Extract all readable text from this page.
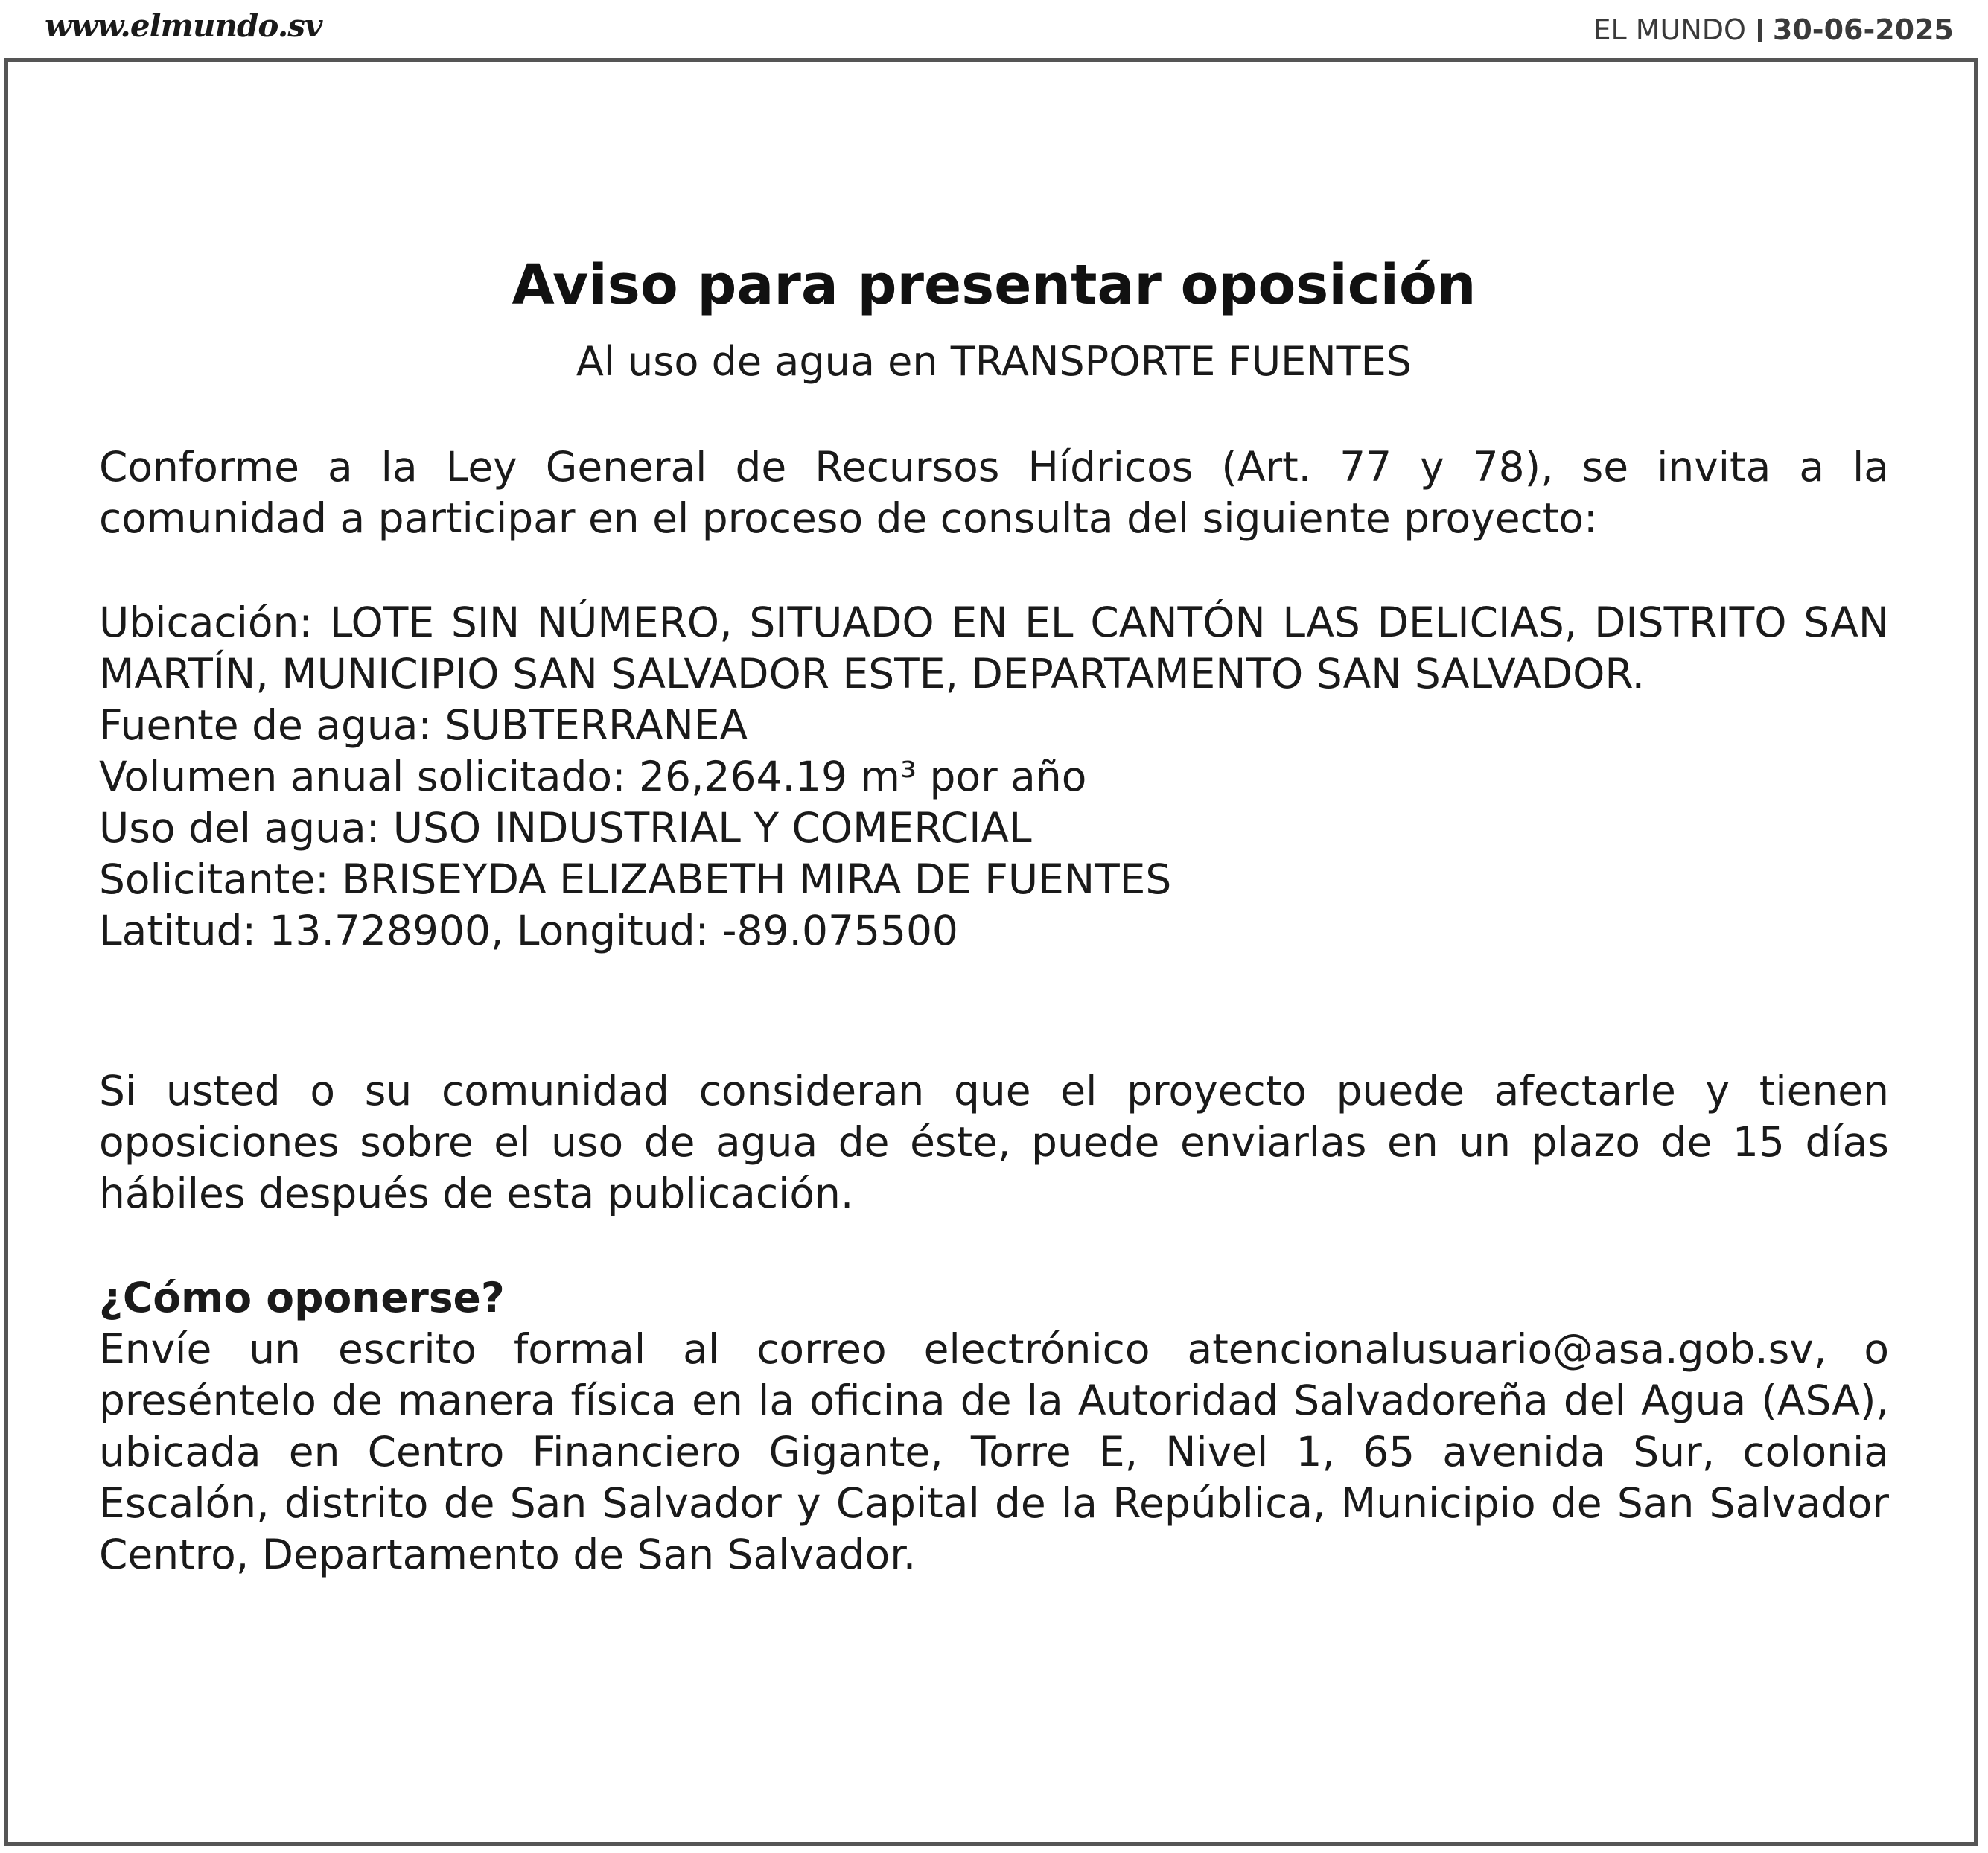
www.elmundo.sv	EL MUNDO 30-06-2025
Aviso para presentar oposición
Al uso de agua en TRANSPORTE FUENTES

Conforme a la Ley General de Recursos Hídricos (Art. 77 y 78), se invita a la comunidad a participar en el proceso de consulta del siguiente proyecto:

Ubicación: LOTE SIN NÚMERO, SITUADO EN EL CANTÓN LAS DELICIAS, DISTRITO SAN MARTÍN, MUNICIPIO SAN SALVADOR ESTE, DEPARTAMENTO SAN SALVADOR.
Fuente de agua: SUBTERRANEA
Volumen anual solicitado: 26,264.19 m³ por año
Uso del agua: USO INDUSTRIAL Y COMERCIAL
Solicitante: BRISEYDA ELIZABETH MIRA DE FUENTES
Latitud: 13.728900, Longitud: -89.075500

Si usted o su comunidad consideran que el proyecto puede afectarle y tienen oposiciones sobre el uso de agua de éste, puede enviarlas en un plazo de 15 días hábiles después de esta publicación.

¿Cómo oponerse?
Envíe un escrito formal al correo electrónico atencionalusuario@asa.gob.sv, o preséntelo de manera física en la oficina de la Autoridad Salvadoreña del Agua (ASA), ubicada en Centro Financiero Gigante, Torre E, Nivel 1, 65 avenida Sur, colonia Escalón, distrito de San Salvador y Capital de la República, Municipio de San Salvador Centro, Departamento de San Salvador.
